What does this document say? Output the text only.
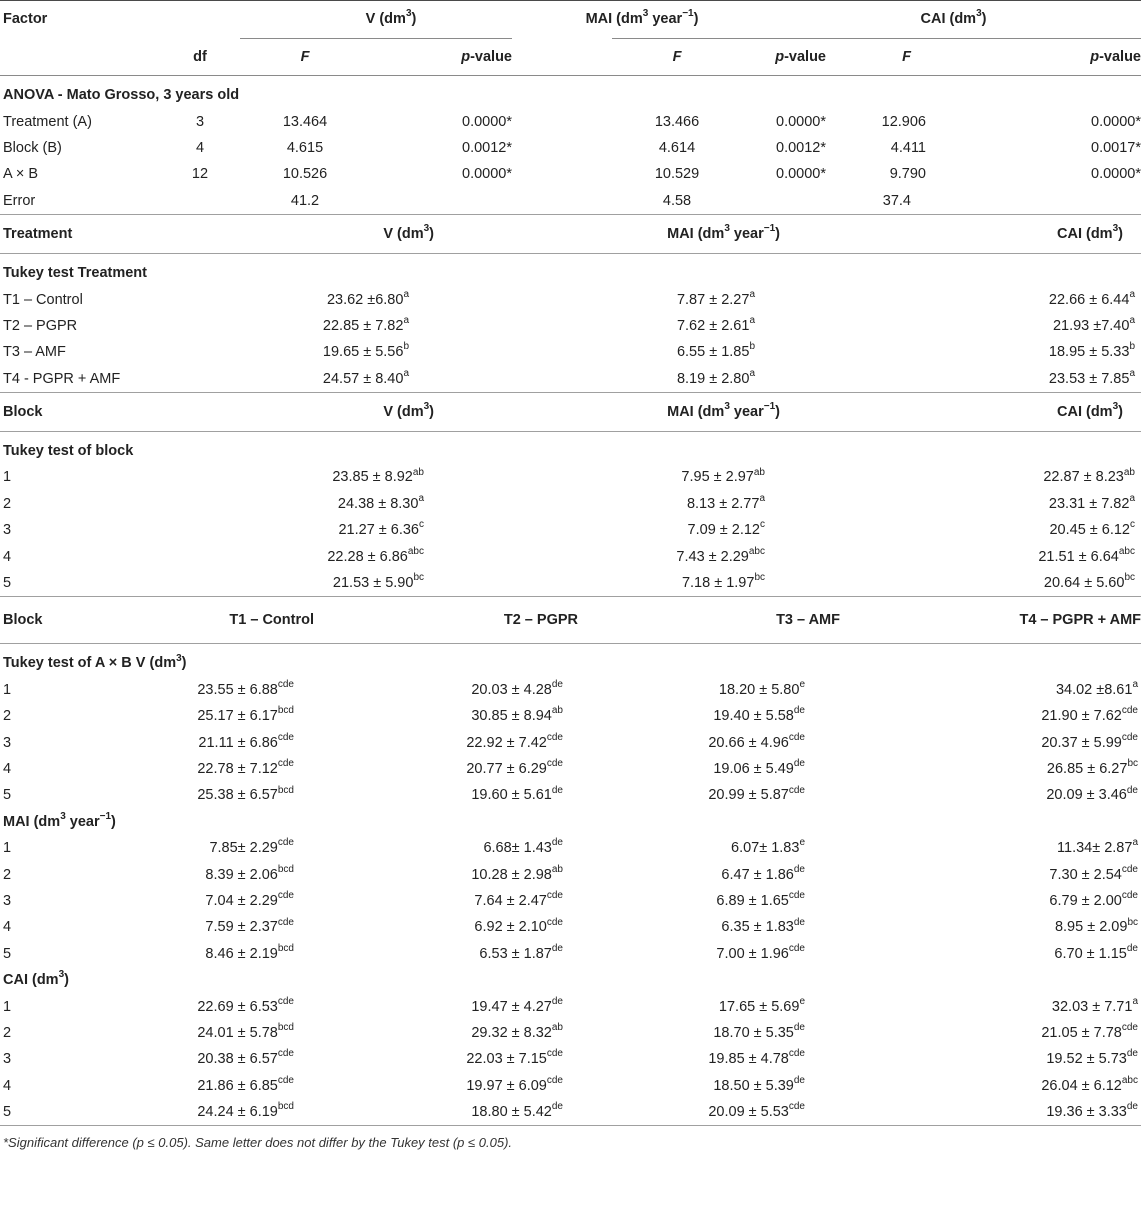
Factor		V $(dm^3)$		MAI ($dm^3$ year$^{-1}$)			CAI $(dm^3)$	
	df	F	p-value		F	p-value	F	p-value
ANOVA - Mato Grosso, 3 years old								
Treatment (A)	3	13.464	0.0000*		13.466	0.0000*	12.906	0.0000*
Block (B)	4	4.615	0.0012*		4.614	0.0012*	4.411	0.0017*
A × B	12	10.526	0.0000*		10.529	0.0000*	9.790	0.0000*
Error		41.2			4.58		37.4	
Treatment	V $(dm^3)$	MAI ($dm^3$ year$^{-1}$)	CAI $(dm^3)$
Tukey test Treatment			
T1 – Control	23.62 ±6.80$^a$	7.87 ± 2.27$^a$	22.66 ± 6.44$^a$
T2 – PGPR	22.85 ± 7.82$^a$	7.62 ± 2.61$^a$	21.93 ±7.40$^a$
T3 – AMF	19.65 ± 5.56$^b$	6.55 ± 1.85$^b$	18.95 ± 5.33$^b$
T4 - PGPR + AMF	24.57 ± 8.40$^a$	8.19 ± 2.80$^a$	23.53 ± 7.85$^a$
Block	V $(dm^3)$	MAI ($dm^3$ year$^{-1}$)	CAI $(dm^3)$
Tukey test of block			
1	23.85 ± 8.92$^{ab}$	7.95 ± 2.97$^{ab}$	22.87 ± 8.23$^{ab}$
2	24.38 ± 8.30$^a$	8.13 ± 2.77$^a$	23.31 ± 7.82$^a$
3	21.27 ± 6.36$^c$	7.09 ± 2.12$^c$	20.45 ± 6.12$^c$
4	22.28 ± 6.86$^{abc}$	7.43 ± 2.29$^{abc}$	21.51 ± 6.64$^{abc}$
5	21.53 ± 5.90$^{bc}$	7.18 ± 1.97$^{bc}$	20.64 ± 5.60$^{bc}$
Block	T1 – Control	T2 – PGPR	T3 – AMF	T4 – PGPR + AMF
Tukey test of A × B V $(dm^3)$				
1	23.55 ± 6.88$^{cde}$	20.03 ± 4.28de	18.20 ± 5.80$^e$	34.02 ±8.61$^a$
2	25.17 ± 6.17$^{bcd}$	30.85 ± 8.94$^{ab}$	19.40 ± 5.58de	21.90 ± 7.62$^{cde}$
3	21.11 ± 6.86$^{cde}$	22.92 ± 7.42$^{cde}$	20.66 ± 4.96$^{cde}$	20.37 ± 5.99$^{cde}$
4	22.78 ± 7.12$^{cde}$	20.77 ± 6.29$^{cde}$	19.06 ± 5.49de	26.85 ± 6.27$^{bc}$
5	25.38 ± 6.57$^{bcd}$	19.60 ± 5.61de	20.99 ± 5.87$^{cde}$	20.09 ± 3.46de
MAI ($dm^3$ year$^{-1}$)				
1	7.85± 2.29$^{cde}$	6.68± 1.43de	6.07± 1.83$^e$	11.34± 2.87$^a$
2	8.39 ± 2.06$^{bcd}$	10.28 ± 2.98$^{ab}$	6.47 ± 1.86de	7.30 ± 2.54$^{cde}$
3	7.04 ± 2.29$^{cde}$	7.64 ± 2.47$^{cde}$	6.89 ± 1.65$^{cde}$	6.79 ± 2.00$^{cde}$
4	7.59 ± 2.37$^{cde}$	6.92 ± 2.10$^{cde}$	6.35 ± 1.83de	8.95 ± 2.09$^{bc}$
5	8.46 ± 2.19$^{bcd}$	6.53 ± 1.87de	7.00 ± 1.96$^{cde}$	6.70 ± 1.15de
CAI $(dm^3)$				
1	22.69 ± 6.53$^{cde}$	19.47 ± 4.27de	17.65 ± 5.69$^e$	32.03 ± 7.71$^a$
2	24.01 ± 5.78$^{bcd}$	29.32 ± 8.32$^{ab}$	18.70 ± 5.35de	21.05 ± 7.78$^{cde}$
3	20.38 ± 6.57$^{cde}$	22.03 ± 7.15$^{cde}$	19.85 ± 4.78$^{cde}$	19.52 ± 5.73de
4	21.86 ± 6.85$^{cde}$	19.97 ± 6.09$^{cde}$	18.50 ± 5.39de	26.04 ± 6.12$^{abc}$
5	24.24 ± 6.19$^{bcd}$	18.80 ± 5.42de	20.09 ± 5.53$^{cde}$	19.36 ± 3.33de
*Significant difference (p ≤ 0.05). Same letter does not differ by the Tukey test (p ≤ 0.05).
